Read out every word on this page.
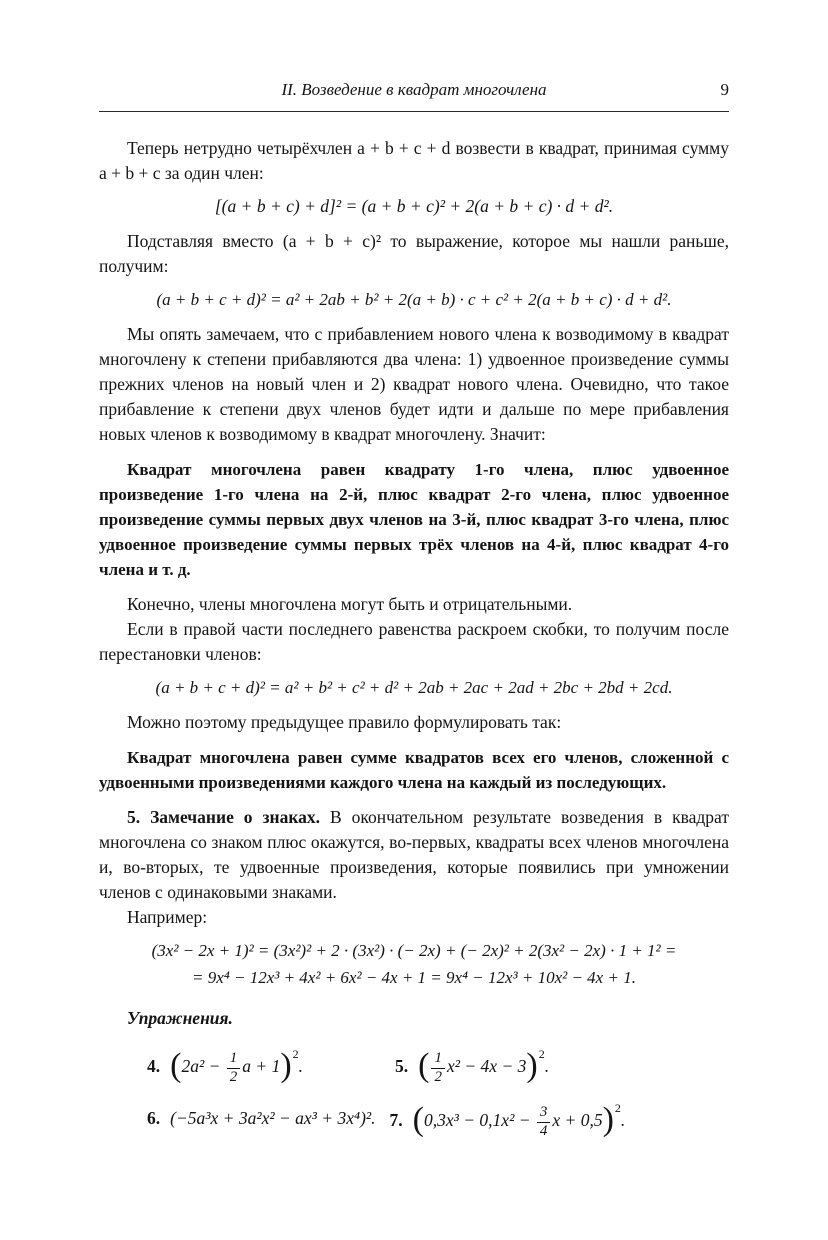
II. Возведение в квадрат многочлена	9

Теперь нетрудно четырёхчлен a + b + c + d возвести в квадрат, принимая сумму a + b + c за один член:

[(a + b + c) + d]² = (a + b + c)² + 2(a + b + c) · d + d².

Подставляя вместо (a + b + c)² то выражение, которое мы нашли раньше, получим:

(a + b + c + d)² = a² + 2ab + b² + 2(a + b) · c + c² + 2(a + b + c) · d + d².

Мы опять замечаем, что с прибавлением нового члена к возводимому в квадрат многочлену к степени прибавляются два члена: 1) удвоенное произведение суммы прежних членов на новый член и 2) квадрат нового члена. Очевидно, что такое прибавление к степени двух членов будет идти и дальше по мере прибавления новых членов к возводимому в квадрат многочлену. Значит:

Квадрат многочлена равен квадрату 1-го члена, плюс удвоенное произведение 1-го члена на 2-й, плюс квадрат 2-го члена, плюс удвоенное произведение суммы первых двух членов на 3-й, плюс квадрат 3-го члена, плюс удвоенное произведение суммы первых трёх членов на 4-й, плюс квадрат 4-го члена и т. д.

Конечно, члены многочлена могут быть и отрицательными.

Если в правой части последнего равенства раскроем скобки, то получим после перестановки членов:

(a + b + c + d)² = a² + b² + c² + d² + 2ab + 2ac + 2ad + 2bc + 2bd + 2cd.

Можно поэтому предыдущее правило формулировать так:

Квадрат многочлена равен сумме квадратов всех его членов, сложенной с удвоенными произведениями каждого члена на каждый из последующих.

5. Замечание о знаках. В окончательном результате возведения в квадрат многочлена со знаком плюс окажутся, во-первых, квадраты всех членов многочлена и, во-вторых, те удвоенные произведения, которые появились при умножении членов с одинаковыми знаками.

Например:

(3x² − 2x + 1)² = (3x²)² + 2 · (3x²) · (− 2x) + (− 2x)² + 2(3x² − 2x) · 1 + 1² =
= 9x⁴ − 12x³ + 4x² + 6x² − 4x + 1 = 9x⁴ − 12x³ + 10x² − 4x + 1.
Упражнения.
4. ($2a^2 - \frac{1}{2}$ $a + 1)^2$.	5. ( $\frac{1}{2} x^2 - 4x - 3)^2$.
6. (−5a³x + 3a²x² − ax³ + 3x⁴)². 7. ($0,3x^3 - 0,1x^2 - \frac{3}{4}$ $x + 0,5)^2$.
